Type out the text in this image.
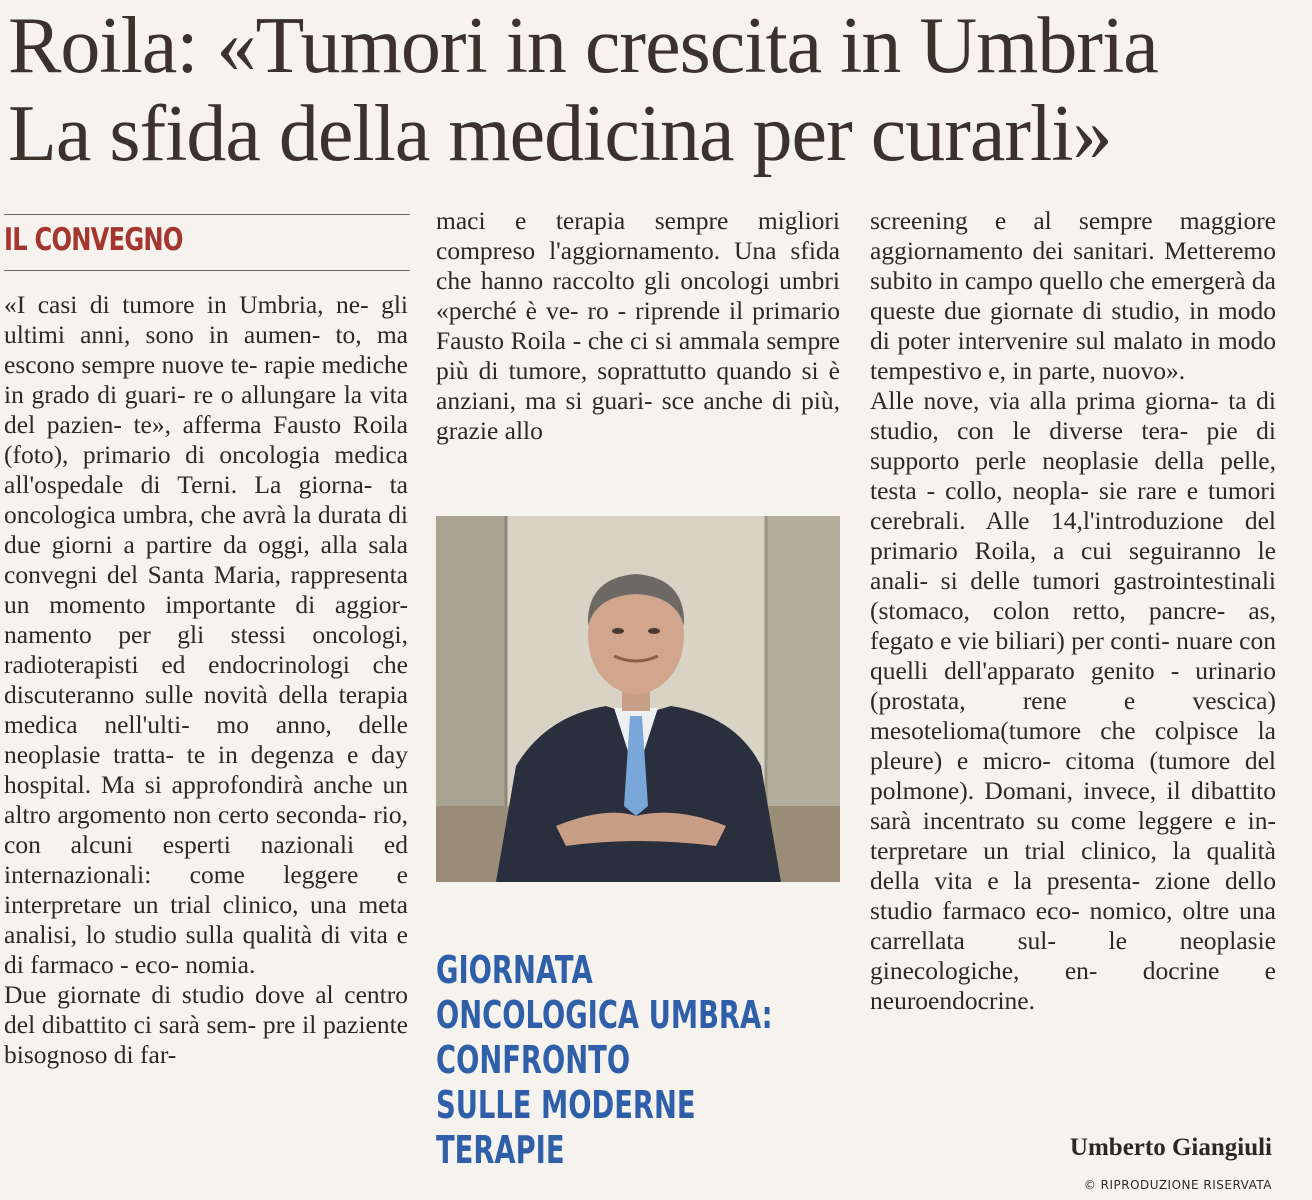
Roila: «Tumori in crescita in Umbria
La sfida della medicina per curarli»
IL CONVEGNO

«I casi di tumore in Umbria, ne- gli ultimi anni, sono in aumen- to, ma escono sempre nuove te- rapie mediche in grado di guari- re o allungare la vita del pazien- te», afferma Fausto Roila (foto), primario di oncologia medica all'ospedale di Terni. La giorna- ta oncologica umbra, che avrà la durata di due giorni a partire da oggi, alla sala convegni del Santa Maria, rappresenta un momento importante di aggior- namento per gli stessi oncologi, radioterapisti ed endocrinologi che discuteranno sulle novità della terapia medica nell'ulti- mo anno, delle neoplasie tratta- te in degenza e day hospital. Ma si approfondirà anche un altro argomento non certo seconda- rio, con alcuni esperti nazionali ed internazionali: come leggere e interpretare un trial clinico, una meta analisi, lo studio sulla qualità di vita e di farmaco - eco- nomia.

Due giornate di studio dove al centro del dibattito ci sarà sem- pre il paziente bisognoso di far-

maci e terapia sempre migliori compreso l'aggiornamento. Una sfida che hanno raccolto gli oncologi umbri «perché è ve- ro - riprende il primario Fausto Roila - che ci si ammala sempre più di tumore, soprattutto quando si è anziani, ma si guari- sce anche di più, grazie allo

GIORNATA
ONCOLOGICA UMBRA:
CONFRONTO
SULLE MODERNE
TERAPIE

screening e al sempre maggiore aggiornamento dei sanitari. Metteremo subito in campo quello che emergerà da queste due giornate di studio, in modo di poter intervenire sul malato in modo tempestivo e, in parte, nuovo».

Alle nove, via alla prima giorna- ta di studio, con le diverse tera- pie di supporto perle neoplasie della pelle, testa - collo, neopla- sie rare e tumori cerebrali. Alle 14,l'introduzione del primario Roila, a cui seguiranno le anali- si delle tumori gastrointestinali (stomaco, colon retto, pancre- as, fegato e vie biliari) per conti- nuare con quelli dell'apparato genito - urinario (prostata, rene e vescica) mesotelioma(tumore che colpisce la pleure) e micro- citoma (tumore del polmone). Domani, invece, il dibattito sarà incentrato su come leggere e in- terpretare un trial clinico, la qualità della vita e la presenta- zione dello studio farmaco eco- nomico, oltre una carrellata sul- le neoplasie ginecologiche, en- docrine e neuroendocrine.

Umberto Giangiuli
© RIPRODUZIONE RISERVATA
